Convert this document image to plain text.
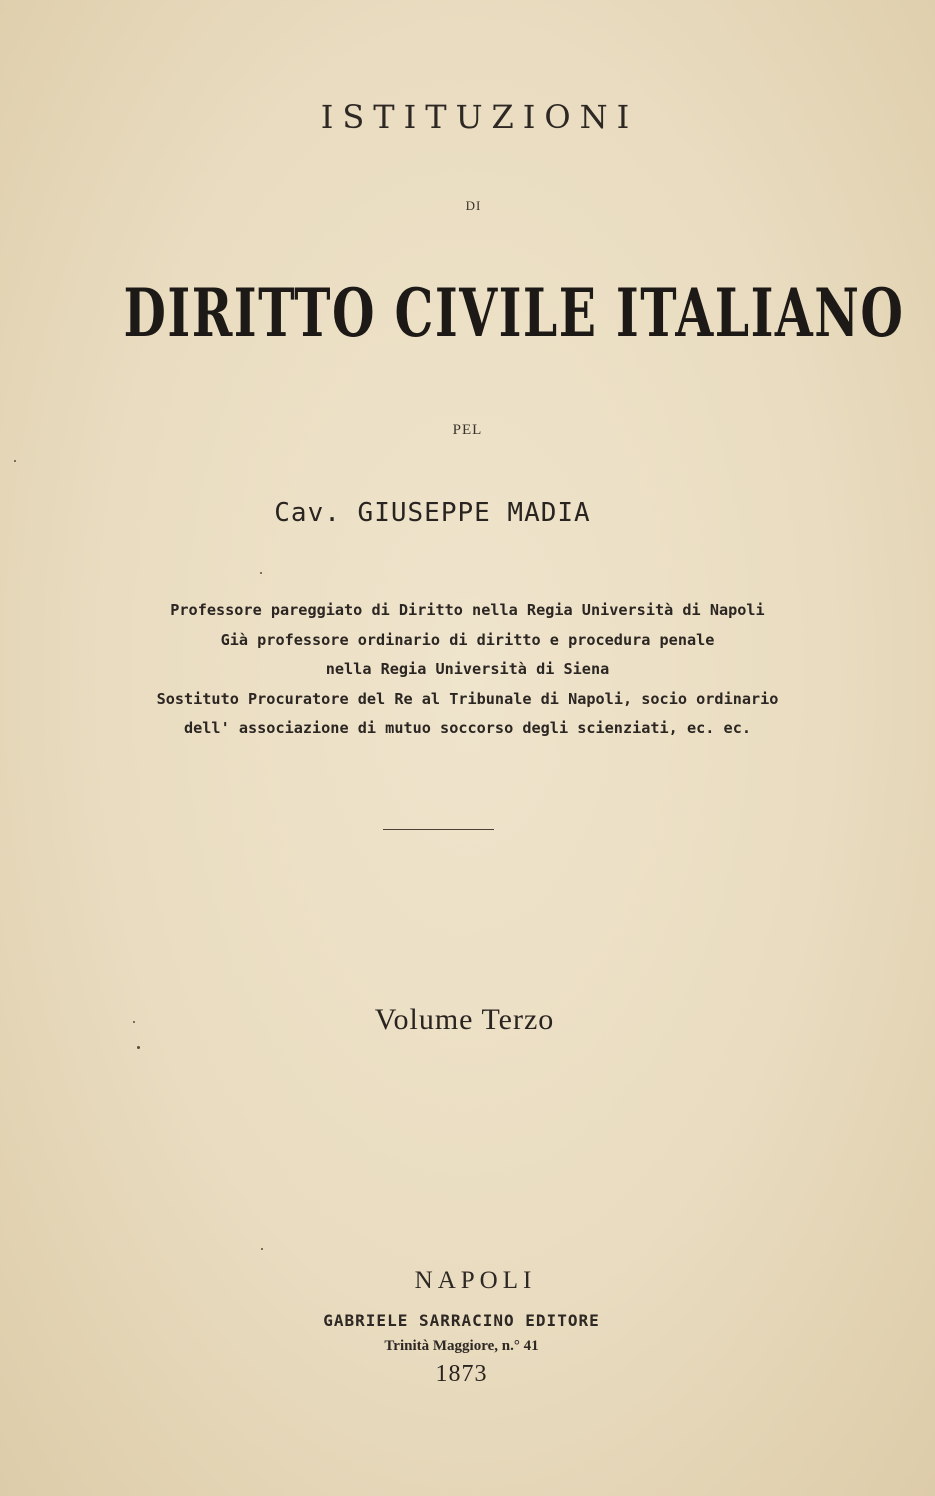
ISTITUZIONI
DI
DIRITTO CIVILE ITALIANO
PEL
Cav. GIUSEPPE MADIA
Professore pareggiato di Diritto nella Regia Università di Napoli
Già professore ordinario di diritto e procedura penale
nella Regia Università di Siena
Sostituto Procuratore del Re al Tribunale di Napoli, socio ordinario
dell' associazione di mutuo soccorso degli scienziati, ec. ec.
Volume Terzo
NAPOLI
GABRIELE SARRACINO EDITORE
Trinità Maggiore, n.° 41
1873
